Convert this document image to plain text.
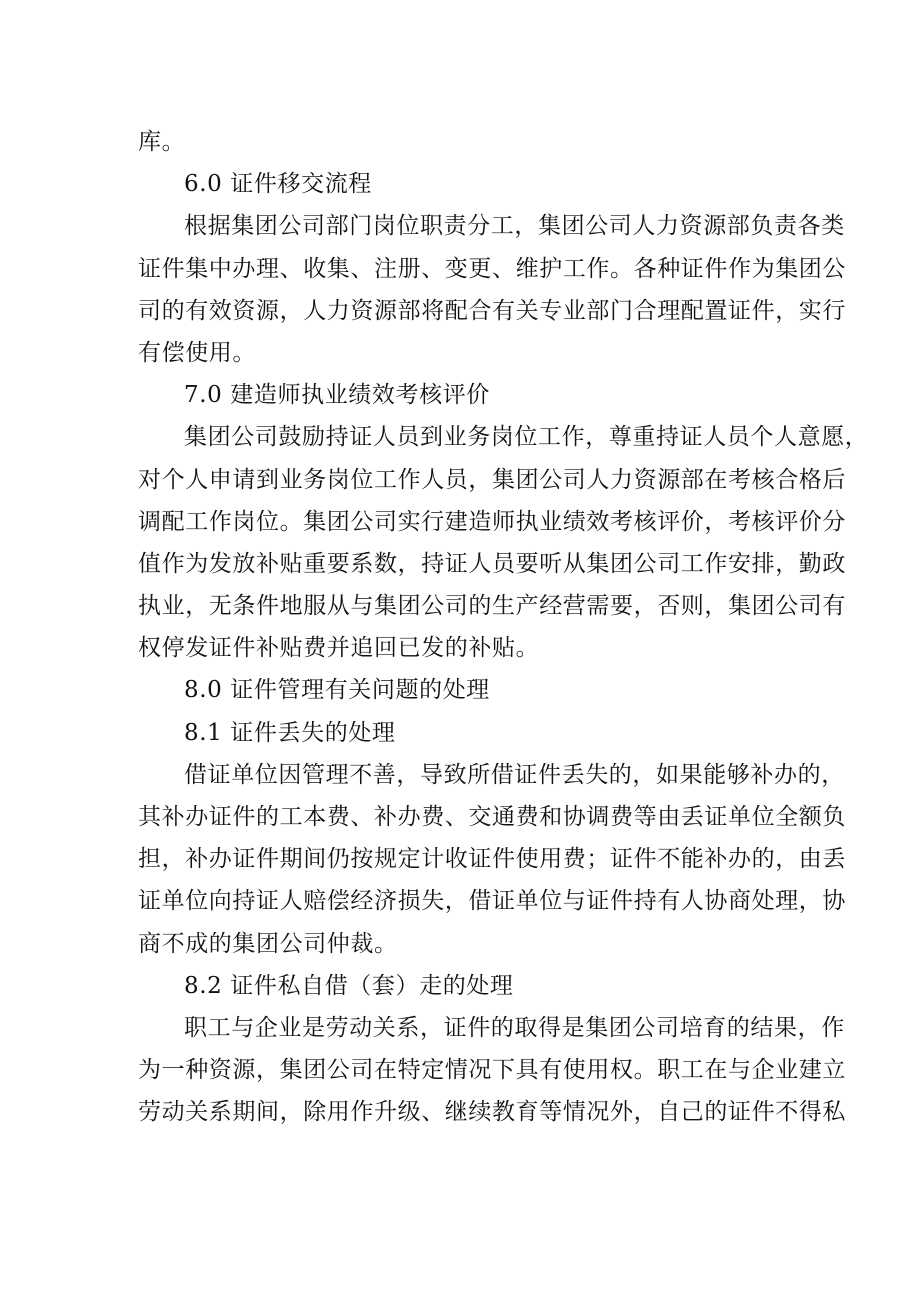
库。
6.0 证件移交流程
根据集团公司部门岗位职责分工，集团公司人力资源部负责各类
证件集中办理、收集、注册、变更、维护工作。各种证件作为集团公
司的有效资源，人力资源部将配合有关专业部门合理配置证件，实行
有偿使用。
7.0 建造师执业绩效考核评价
集团公司鼓励持证人员到业务岗位工作，尊重持证人员个人意愿，
对个人申请到业务岗位工作人员，集团公司人力资源部在考核合格后
调配工作岗位。集团公司实行建造师执业绩效考核评价，考核评价分
值作为发放补贴重要系数，持证人员要听从集团公司工作安排，勤政
执业，无条件地服从与集团公司的生产经营需要，否则，集团公司有
权停发证件补贴费并追回已发的补贴。
8.0 证件管理有关问题的处理
8.1 证件丢失的处理
借证单位因管理不善，导致所借证件丢失的，如果能够补办的，
其补办证件的工本费、补办费、交通费和协调费等由丢证单位全额负
担，补办证件期间仍按规定计收证件使用费；证件不能补办的，由丢
证单位向持证人赔偿经济损失，借证单位与证件持有人协商处理，协
商不成的集团公司仲裁。
8.2 证件私自借（套）走的处理
职工与企业是劳动关系，证件的取得是集团公司培育的结果，作
为一种资源，集团公司在特定情况下具有使用权。职工在与企业建立
劳动关系期间，除用作升级、继续教育等情况外，自己的证件不得私
